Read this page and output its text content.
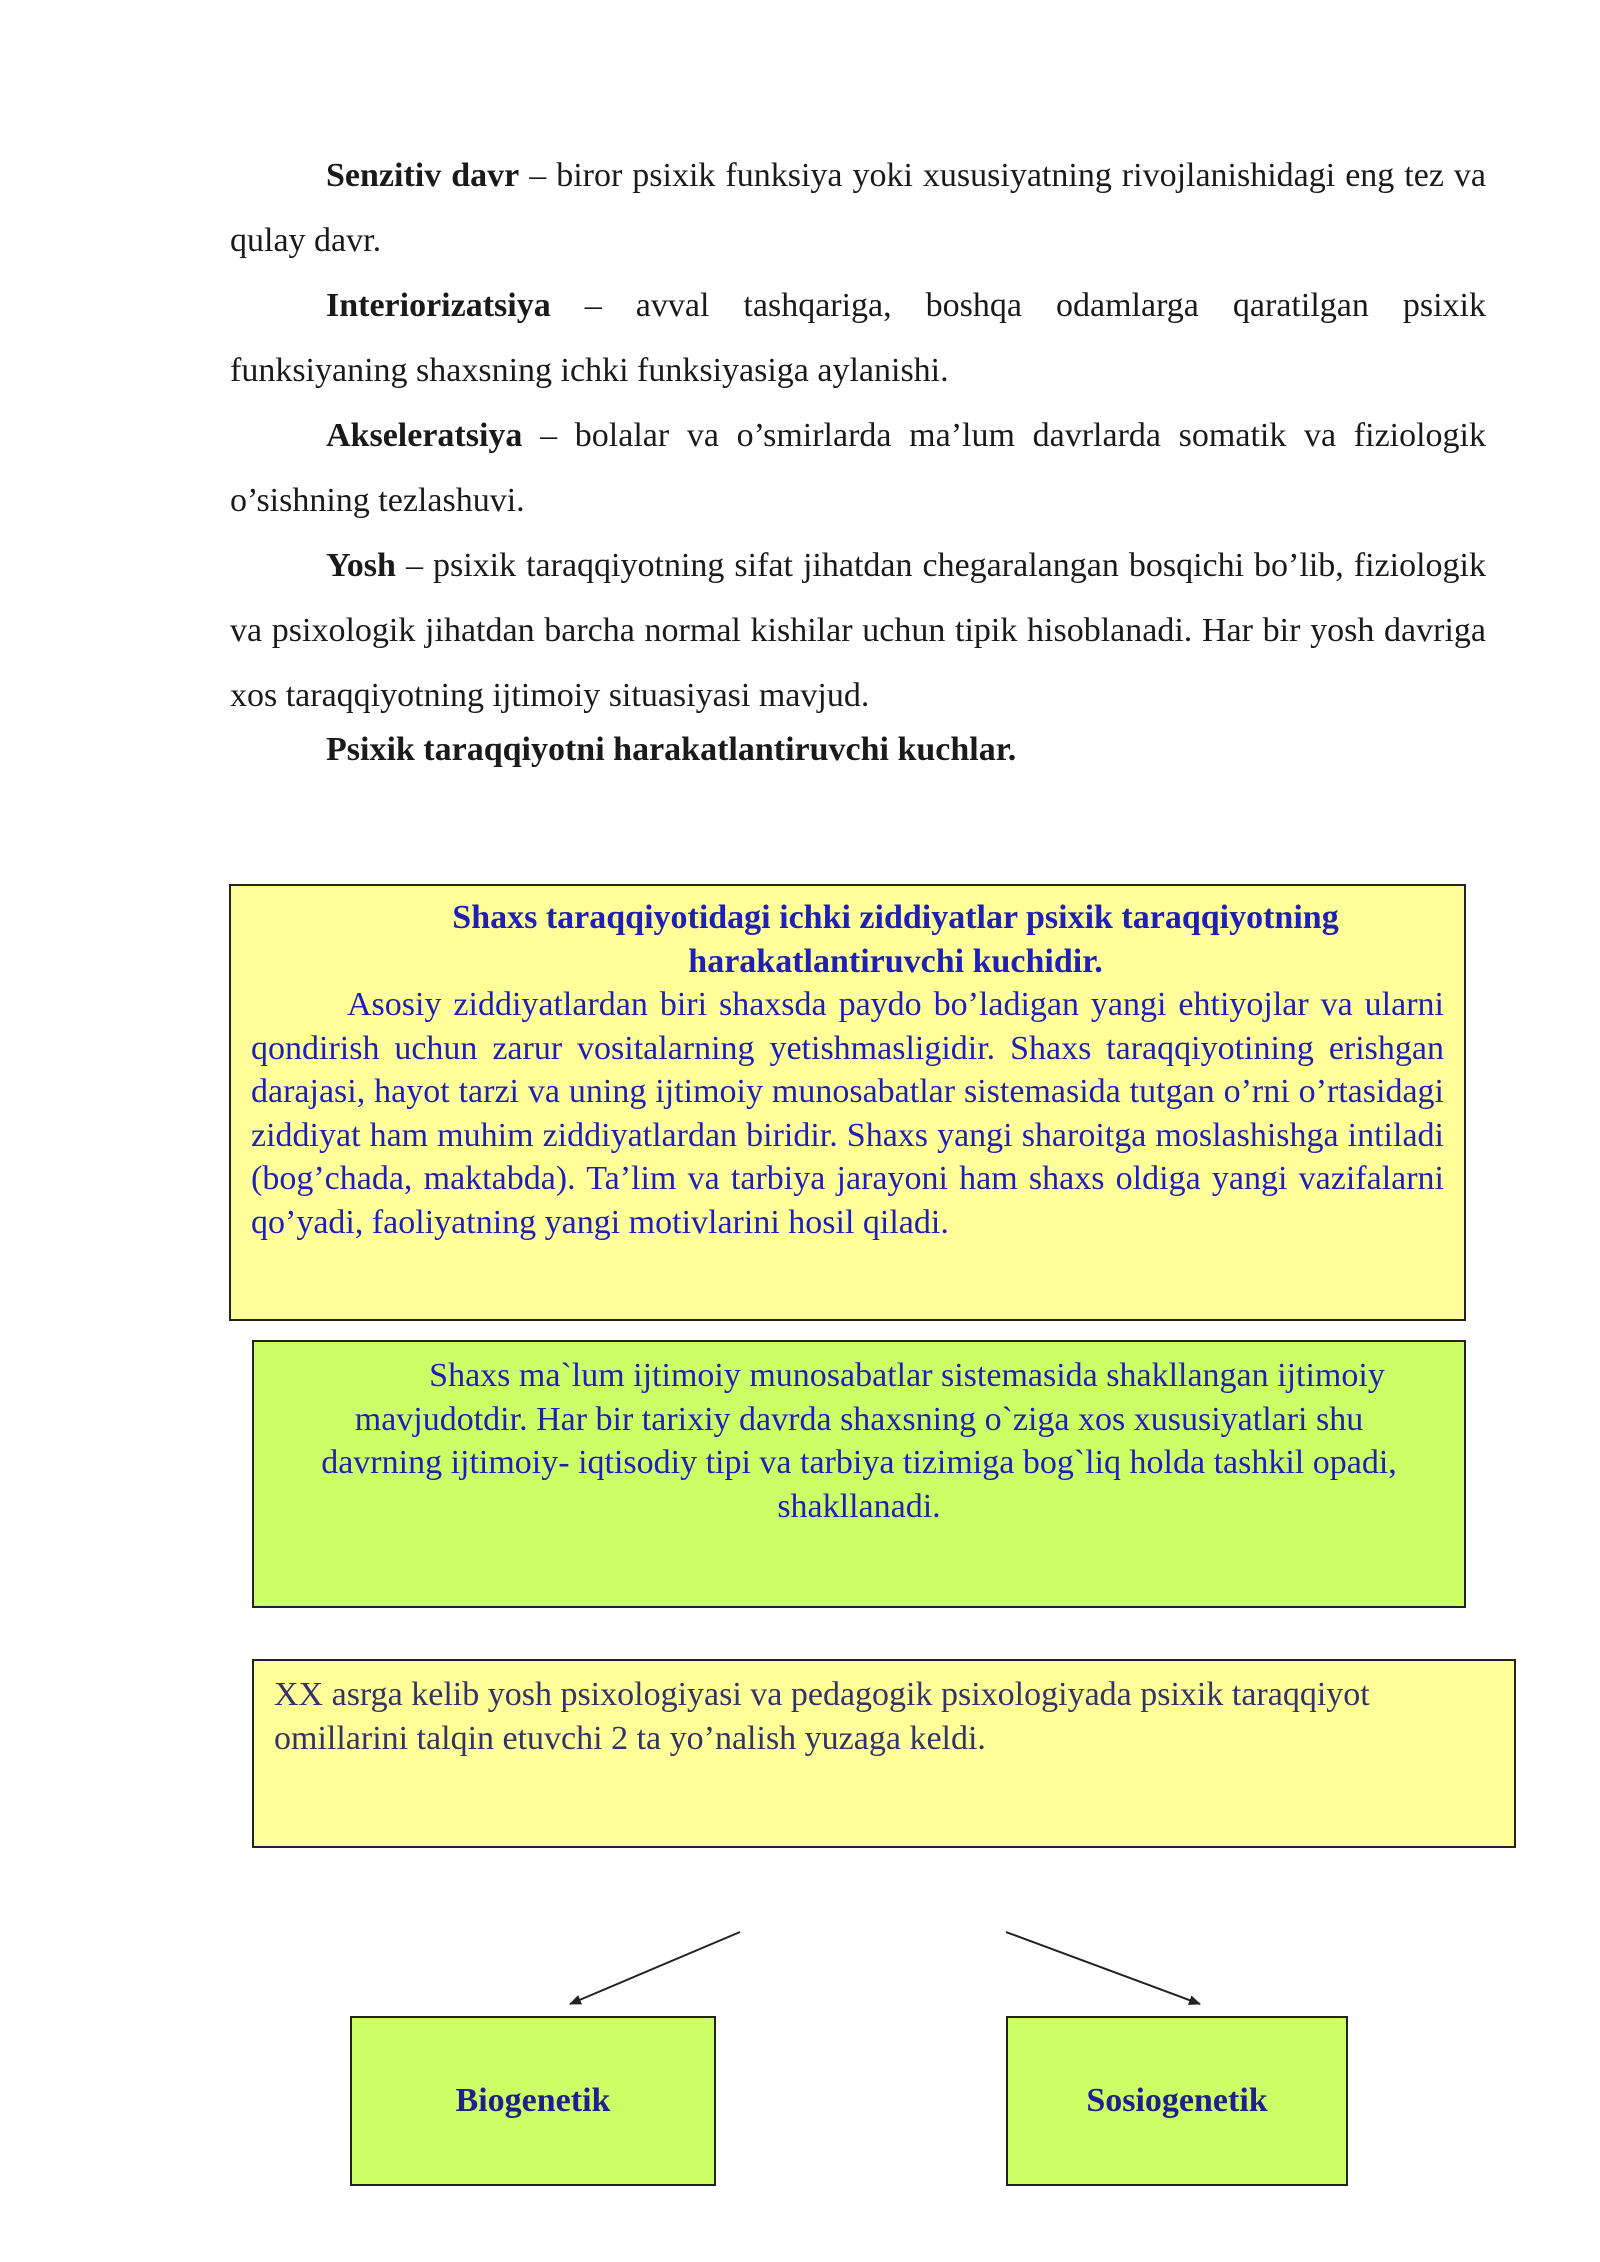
Senzitiv davr – biror psixik funksiya yoki xususiyatning rivojlanishidagi eng tez va qulay davr.

Interiorizatsiya – avval tashqariga, boshqa odamlarga qaratilgan psixik funksiyaning shaxsning ichki funksiyasiga aylanishi.

Akseleratsiya – bolalar va o’smirlarda ma’lum davrlarda somatik va fiziologik o’sishning tezlashuvi.

Yosh – psixik taraqqiyotning sifat jihatdan chegaralangan bosqichi bo’lib, fiziologik va psixologik jihatdan barcha normal kishilar uchun tipik hisoblanadi. Har bir yosh davriga xos taraqqiyotning ijtimoiy situasiyasi mavjud.

Psixik taraqqiyotni harakatlantiruvchi kuchlar.

Shaxs taraqqiyotidagi ichki ziddiyatlar psixik taraqqiyotning harakatlantiruvchi kuchidir.

Asosiy ziddiyatlardan biri shaxsda paydo bo’ladigan yangi ehtiyojlar va ularni qondirish uchun zarur vositalarning yetishmasligidir. Shaxs taraqqiyotining erishgan darajasi, hayot tarzi va uning ijtimoiy munosabatlar sistemasida tutgan o’rni o’rtasidagi ziddiyat ham muhim ziddiyatlardan biridir. Shaxs yangi sharoitga moslashishga intiladi (bog’chada, maktabda). Ta’lim va tarbiya jarayoni ham shaxs oldiga yangi vazifalarni qo’yadi, faoliyatning yangi motivlarini hosil qiladi.

Shaxs ma`lum ijtimoiy munosabatlar sistemasida shakllangan ijtimoiy mavjudotdir. Har bir tarixiy davrda shaxsning o`ziga xos xususiyatlari shu davrning ijtimoiy- iqtisodiy tipi va tarbiya tizimiga bog`liq holda tashkil opadi, shakllanadi.

XX asrga kelib yosh psixologiyasi va pedagogik psixologiyada psixik taraqqiyot omillarini talqin etuvchi 2 ta yo’nalish yuzaga keldi.

Biogenetik	Sosiogenetik
